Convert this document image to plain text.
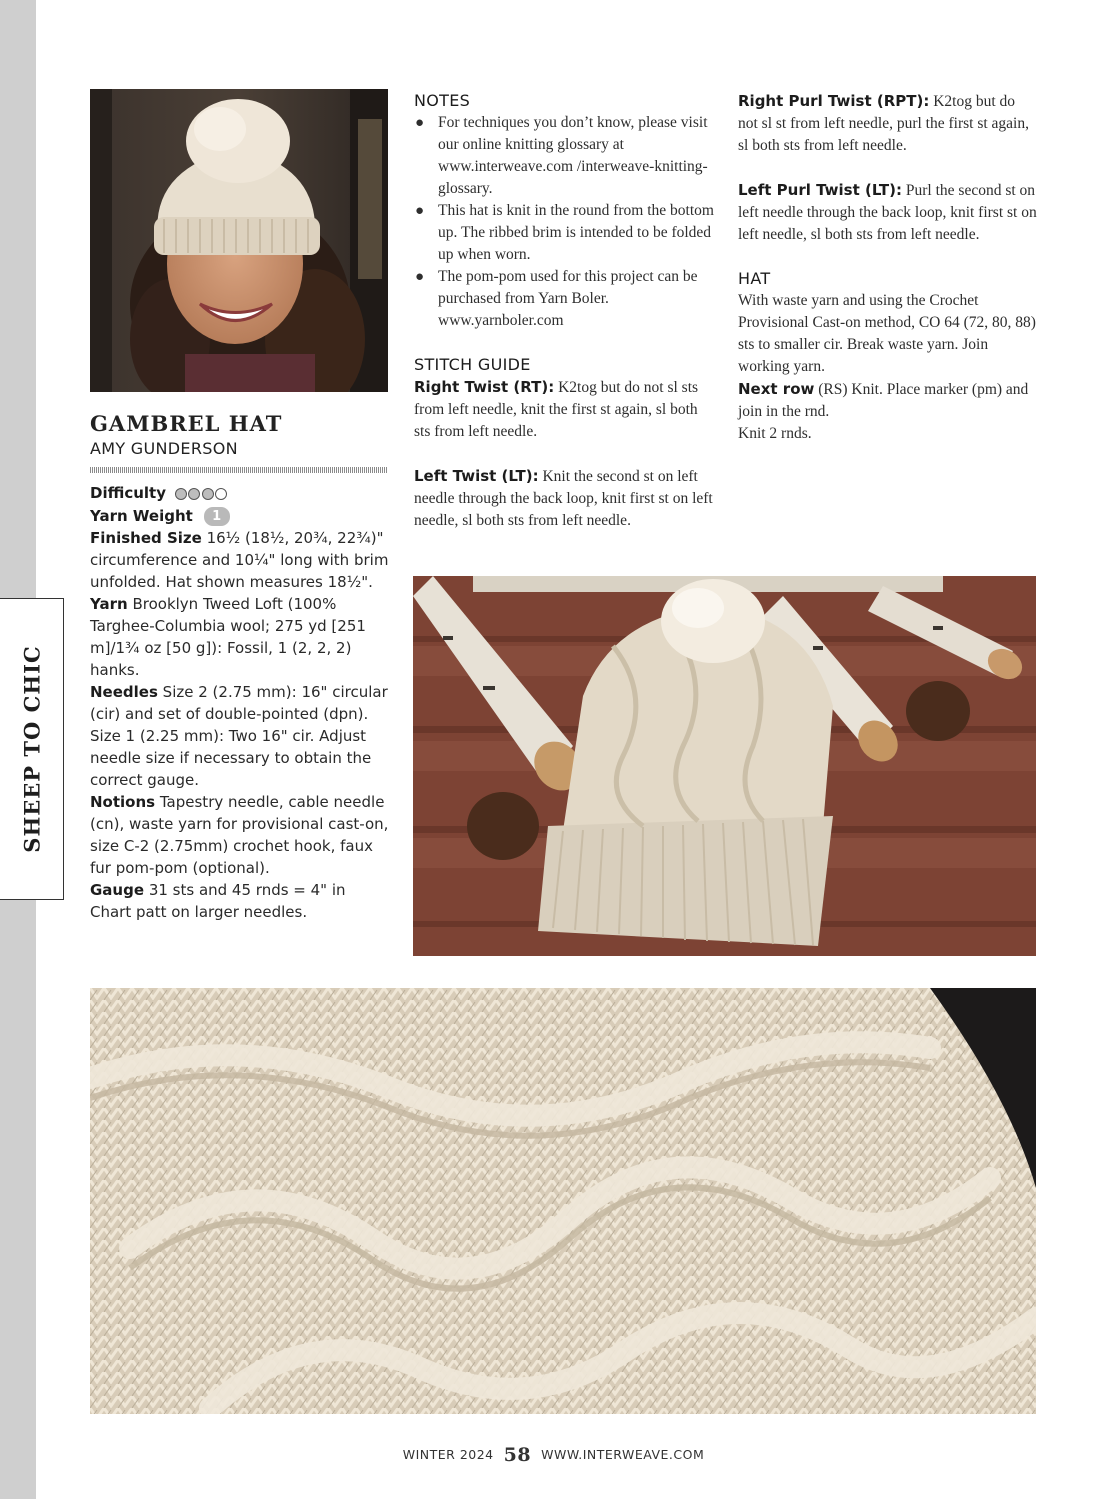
SHEEP TO CHIC
GAMBREL HAT
AMY GUNDERSON

Difficulty

Yarn Weight 1

Finished Size 16½ (18½, 20¾, 22¾)" circumference and 10¼" long with brim unfolded. Hat shown measures 18½".

Yarn Brooklyn Tweed Loft (100% Targhee-Columbia wool; 275 yd [251 m]/1¾ oz [50 g]): Fossil, 1 (2, 2, 2) hanks.

Needles Size 2 (2.75 mm): 16" circular (cir) and set of double-pointed (dpn). Size 1 (2.25 mm): Two 16" cir. Adjust needle size if necessary to obtain the correct gauge.

Notions Tapestry needle, cable needle (cn), waste yarn for provisional cast-on, size C-2 (2.75mm) crochet hook, faux fur pom-pom (optional).

Gauge 31 sts and 45 rnds = 4" in Chart patt on larger needles.

NOTES

● For techniques you don’t know, please visit our online knitting glossary at www.interweave.com /interweave-knitting-glossary.
● This hat is knit in the round from the bottom up. The ribbed brim is intended to be folded up when worn.
● The pom-pom used for this project can be purchased from Yarn Boler. www.yarnboler.com

STITCH GUIDE

Right Twist (RT): K2tog but do not sl sts from left needle, knit the first st again, sl both sts from left needle.

Left Twist (LT): Knit the second st on left needle through the back loop, knit first st on left needle, sl both sts from left needle.

Right Purl Twist (RPT): K2tog but do not sl st from left needle, purl the first st again, sl both sts from left needle.

Left Purl Twist (LT): Purl the second st on left needle through the back loop, knit first st on left needle, sl both sts from left needle.

HAT

With waste yarn and using the Crochet Provisional Cast-on method, CO 64 (72, 80, 88) sts to smaller cir. Break waste yarn. Join working yarn.

Next row (RS) Knit. Place marker (pm) and join in the rnd.

Knit 2 rnds.

WINTER 2024 58 WWW.INTERWEAVE.COM
